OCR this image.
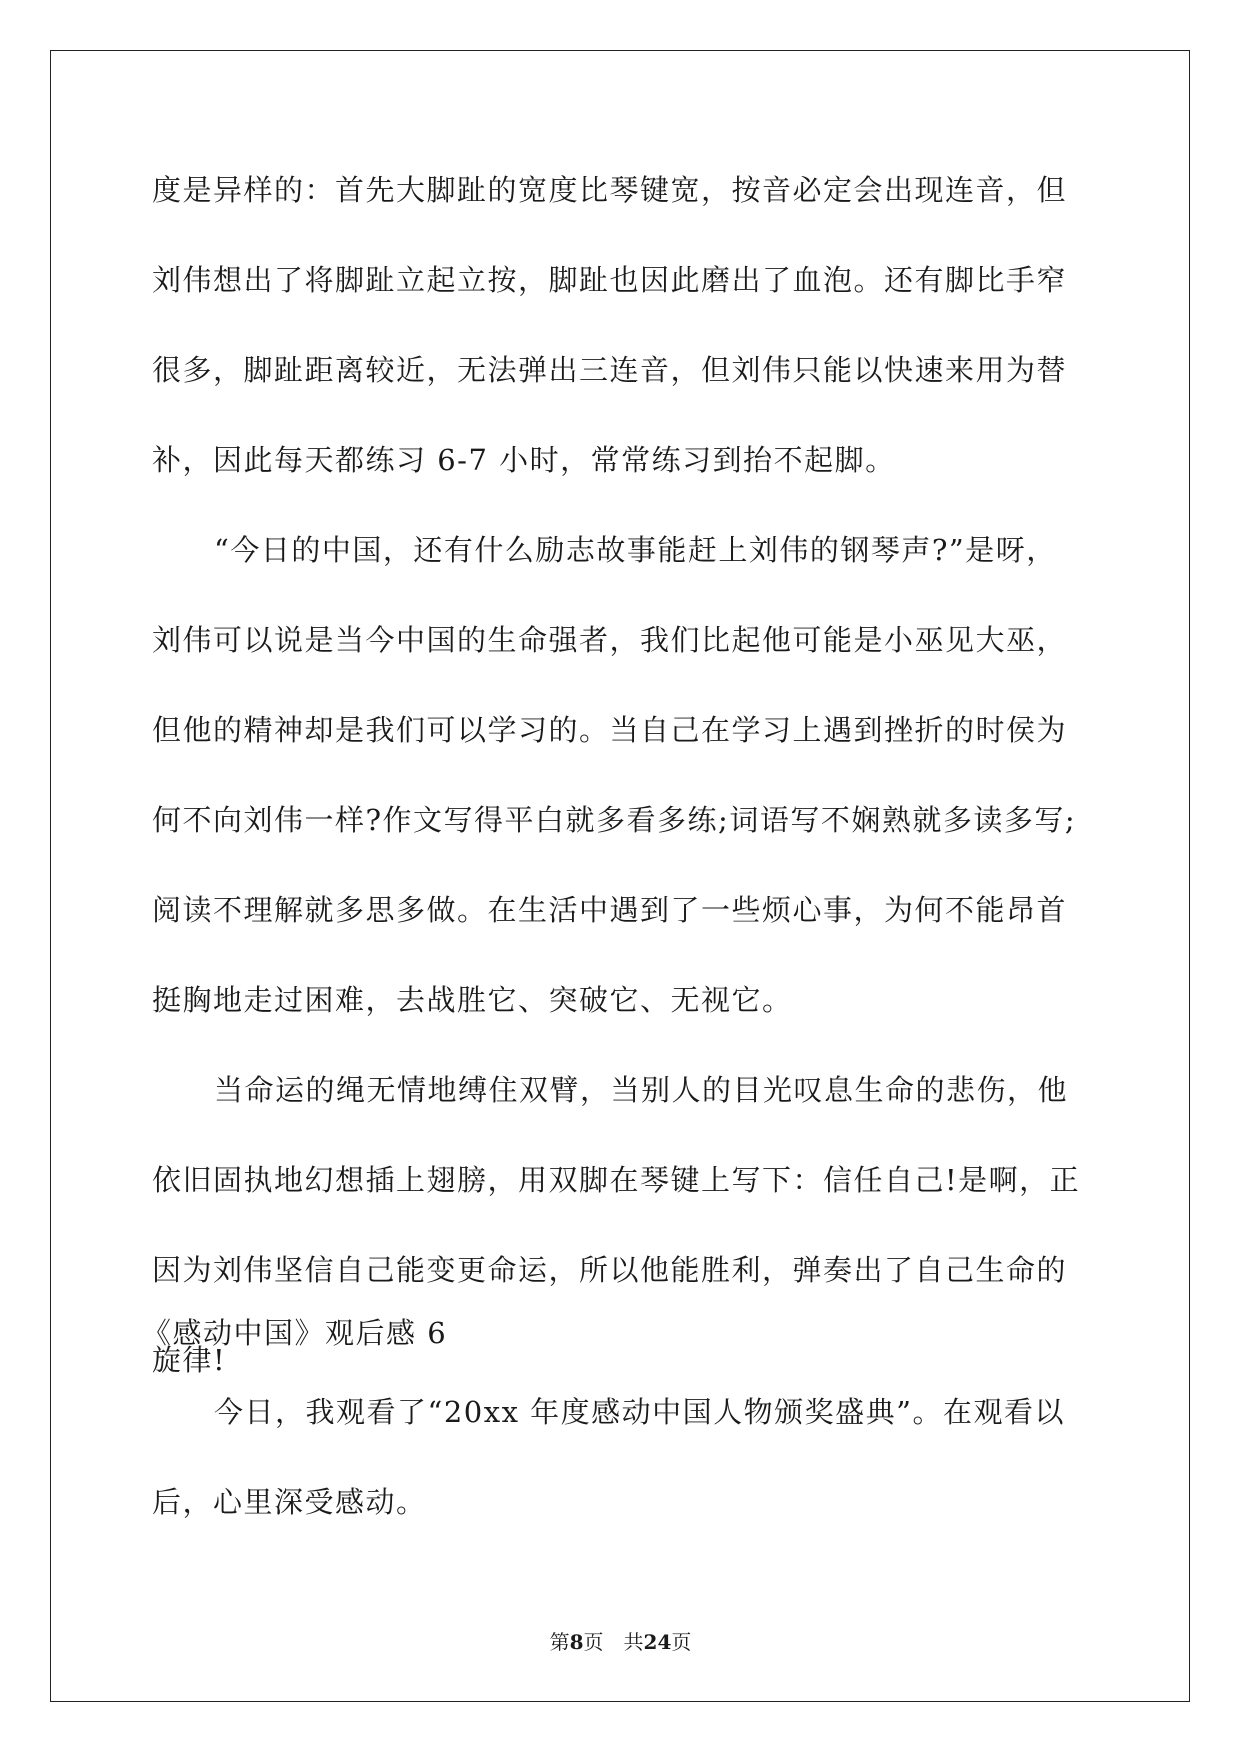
度是异样的：首先大脚趾的宽度比琴键宽，按音必定会出现连音，但
刘伟想出了将脚趾立起立按，脚趾也因此磨出了血泡。还有脚比手窄
很多，脚趾距离较近，无法弹出三连音，但刘伟只能以快速来用为替
补，因此每天都练习 6-7 小时，常常练习到抬不起脚。
“今日的中国，还有什么励志故事能赶上刘伟的钢琴声?”是呀，
刘伟可以说是当今中国的生命强者，我们比起他可能是小巫见大巫，
但他的精神却是我们可以学习的。当自己在学习上遇到挫折的时侯为
何不向刘伟一样?作文写得平白就多看多练;词语写不娴熟就多读多写;
阅读不理解就多思多做。在生活中遇到了一些烦心事，为何不能昂首
挺胸地走过困难，去战胜它、突破它、无视它。
当命运的绳无情地缚住双臂，当别人的目光叹息生命的悲伤，他
依旧固执地幻想插上翅膀，用双脚在琴键上写下：信任自己!是啊，正
因为刘伟坚信自己能变更命运，所以他能胜利，弹奏出了自己生命的
旋律!
《感动中国》观后感 6
今日，我观看了“20xx 年度感动中国人物颁奖盛典”。在观看以
后，心里深受感动。
第8页　共24页
